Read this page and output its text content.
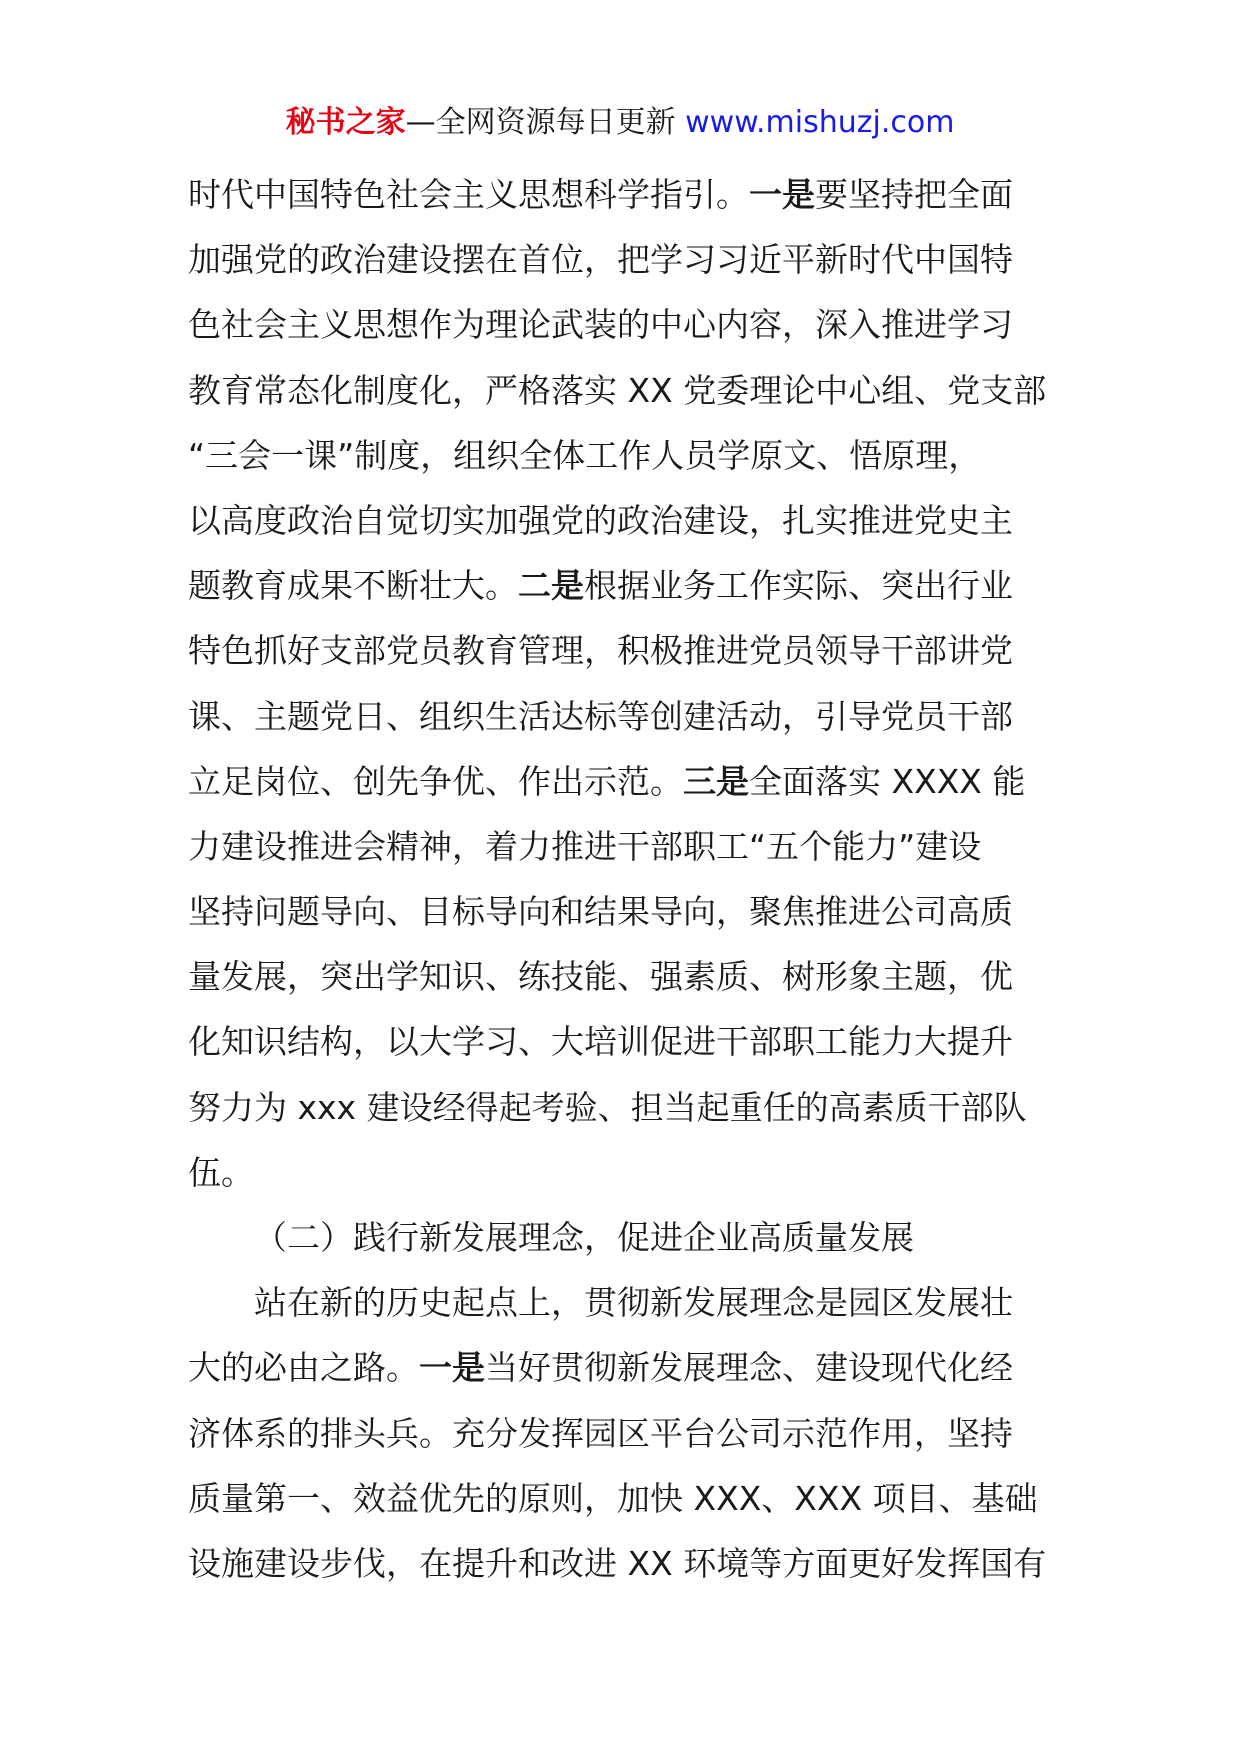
秘书之家—全网资源每日更新 www.mishuzj.com
时代中国特色社会主义思想科学指引。一是要坚持把全面
加强党的政治建设摆在首位，把学习习近平新时代中国特
色社会主义思想作为理论武装的中心内容，深入推进学习
教育常态化制度化，严格落实 XX 党委理论中心组、党支部
“三会一课”制度，组织全体工作人员学原文、悟原理，
以高度政治自觉切实加强党的政治建设，扎实推进党史主
题教育成果不断壮大。二是根据业务工作实际、突出行业
特色抓好支部党员教育管理，积极推进党员领导干部讲党
课、主题党日、组织生活达标等创建活动，引导党员干部
立足岗位、创先争优、作出示范。三是全面落实 XXXX 能
力建设推进会精神，着力推进干部职工“五个能力”建设
坚持问题导向、目标导向和结果导向，聚焦推进公司高质
量发展，突出学知识、练技能、强素质、树形象主题，优
化知识结构，以大学习、大培训促进干部职工能力大提升
努力为 xxx 建设经得起考验、担当起重任的高素质干部队
伍。
（二）践行新发展理念，促进企业高质量发展
站在新的历史起点上，贯彻新发展理念是园区发展壮
大的必由之路。一是当好贯彻新发展理念、建设现代化经
济体系的排头兵。充分发挥园区平台公司示范作用，坚持
质量第一、效益优先的原则，加快 XXX、XXX 项目、基础
设施建设步伐，在提升和改进 XX 环境等方面更好发挥国有
